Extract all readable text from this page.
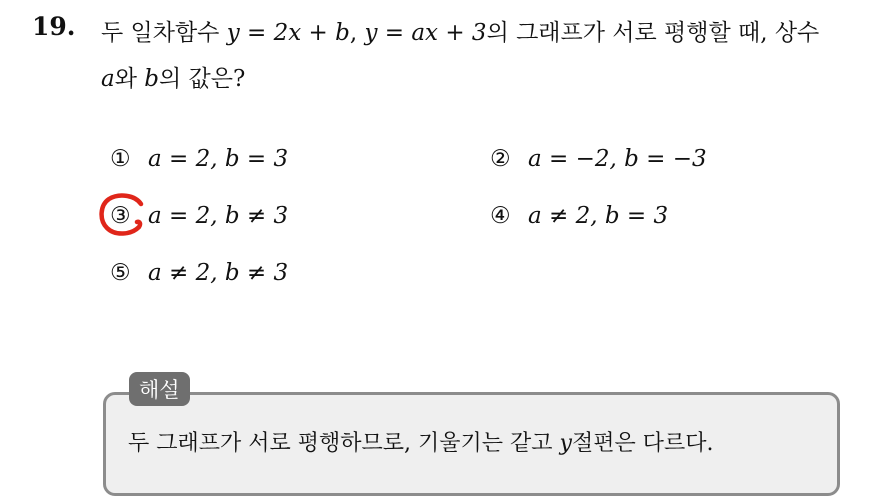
19. 두 일차함수 y = 2x + b, y = ax + 3의 그래프가 서로 평행할 때, 상수
a와 b의 값은?
① a = 2, b = 3	② a = −2, b = −3
③ a = 2, b ≠ 3	④ a ≠ 2, b = 3
⑤ a ≠ 2, b ≠ 3
해설
두 그래프가 서로 평행하므로, 기울기는 같고 y절편은 다르다.
